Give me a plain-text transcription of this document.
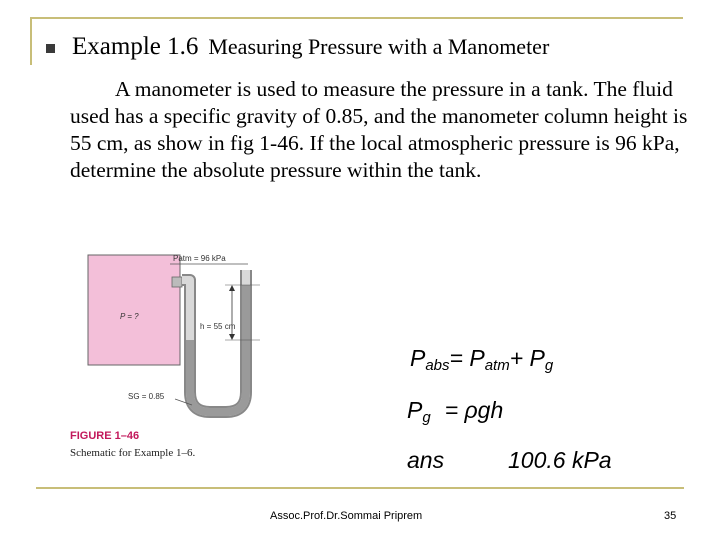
Example 1.6 Measuring Pressure with a Manometer
A manometer is used to measure the pressure in a tank. The fluid used has a specific gravity of 0.85, and the manometer column height is 55 cm, as show in fig 1-46. If the local atmospheric pressure is 96 kPa, determine the absolute pressure within the tank.
Patm = 96 kPa
P = ?
h = 55 cm
SG = 0.85
FIGURE 1–46
Schematic for Example 1–6.
$P_{abs}= P_{atm}+ P_g$
$P_g = \rho gh$
ans	100.6 kPa
Assoc.Prof.Dr.Sommai Priprem	35
